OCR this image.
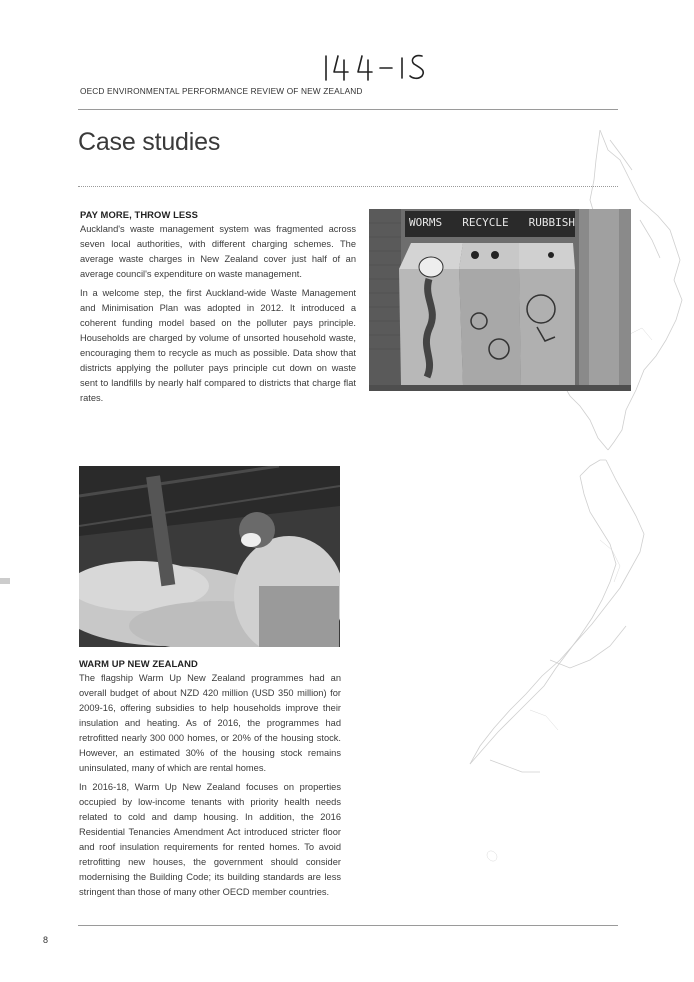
OECD ENVIRONMENTAL PERFORMANCE REVIEW OF NEW ZEALAND
Case studies
PAY MORE, THROW LESS

Auckland's waste management system was fragmented across seven local authorities, with different charging schemes. The average waste charges in New Zealand cover just half of an average council's expenditure on waste management.

In a welcome step, the first Auckland-wide Waste Management and Minimisation Plan was adopted in 2012. It introduced a coherent funding model based on the polluter pays principle. Households are charged by volume of unsorted household waste, encouraging them to recycle as much as possible. Data show that districts applying the polluter pays principle cut down on waste sent to landfills by nearly half compared to districts that charge flat rates.

WORMS RECYCLE RUBBISH
WARM UP NEW ZEALAND

The flagship Warm Up New Zealand programmes had an overall budget of about NZD 420 million (USD 350 million) for 2009-16, offering subsidies to help households improve their insulation and heating. As of 2016, the programmes had retrofitted nearly 300 000 homes, or 20% of the housing stock. However, an estimated 30% of the housing stock remains uninsulated, many of which are rental homes.

In 2016-18, Warm Up New Zealand focuses on properties occupied by low-income tenants with priority health needs related to cold and damp housing. In addition, the 2016 Residential Tenancies Amendment Act introduced stricter floor and roof insulation requirements for rented homes. To avoid retrofitting new houses, the government should consider modernising the Building Code; its building standards are less stringent than those of many other OECD member countries.

8
